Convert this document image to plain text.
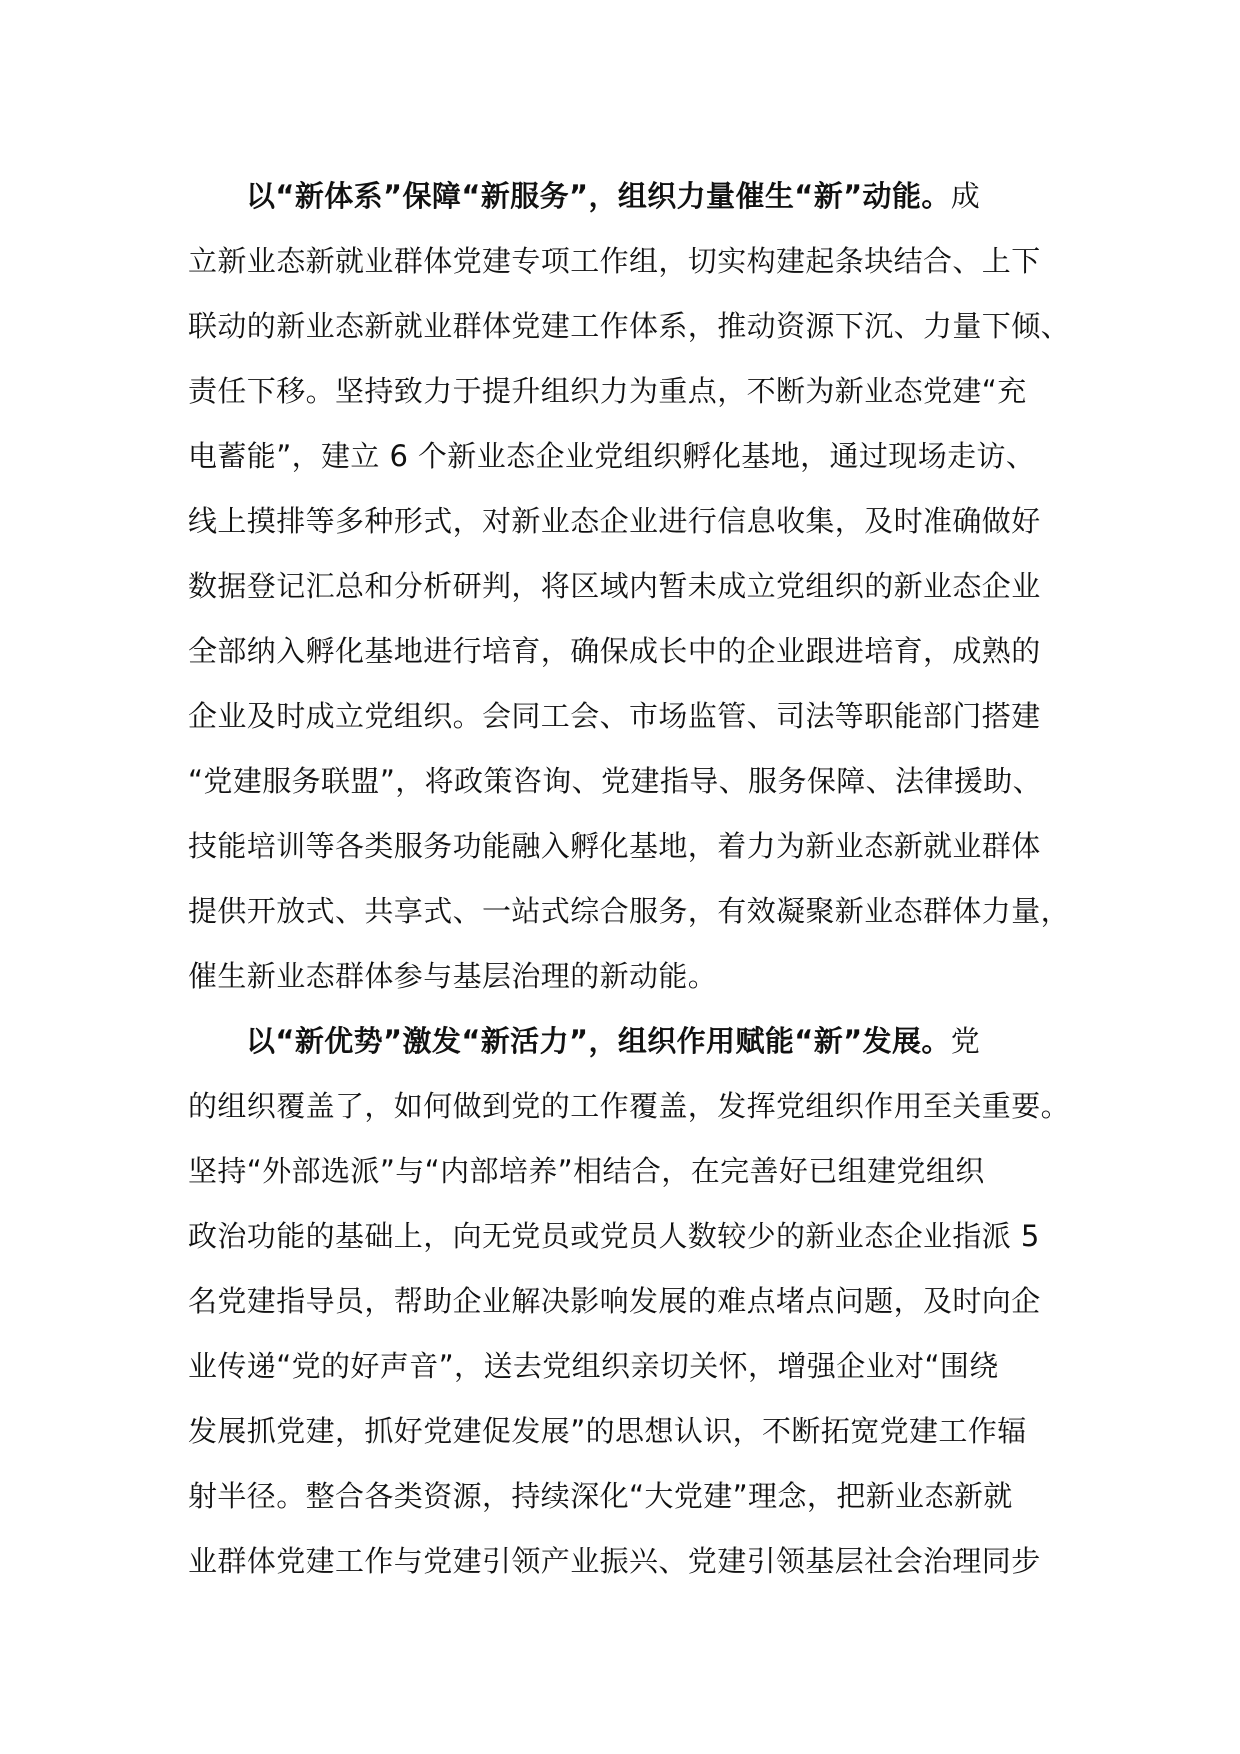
以“新体系”保障“新服务”，组织力量催生“新”动能。成
立新业态新就业群体党建专项工作组，切实构建起条块结合、上下
联动的新业态新就业群体党建工作体系，推动资源下沉、力量下倾、
责任下移。坚持致力于提升组织力为重点，不断为新业态党建“充
电蓄能”，建立 6 个新业态企业党组织孵化基地，通过现场走访、
线上摸排等多种形式，对新业态企业进行信息收集，及时准确做好
数据登记汇总和分析研判，将区域内暂未成立党组织的新业态企业
全部纳入孵化基地进行培育，确保成长中的企业跟进培育，成熟的
企业及时成立党组织。会同工会、市场监管、司法等职能部门搭建
“党建服务联盟”，将政策咨询、党建指导、服务保障、法律援助、
技能培训等各类服务功能融入孵化基地，着力为新业态新就业群体
提供开放式、共享式、一站式综合服务，有效凝聚新业态群体力量，
催生新业态群体参与基层治理的新动能。
以“新优势”激发“新活力”，组织作用赋能“新”发展。党
的组织覆盖了，如何做到党的工作覆盖，发挥党组织作用至关重要。
坚持“外部选派”与“内部培养”相结合，在完善好已组建党组织
政治功能的基础上，向无党员或党员人数较少的新业态企业指派 5
名党建指导员，帮助企业解决影响发展的难点堵点问题，及时向企
业传递“党的好声音”，送去党组织亲切关怀，增强企业对“围绕
发展抓党建，抓好党建促发展”的思想认识，不断拓宽党建工作辐
射半径。整合各类资源，持续深化“大党建”理念，把新业态新就
业群体党建工作与党建引领产业振兴、党建引领基层社会治理同步
